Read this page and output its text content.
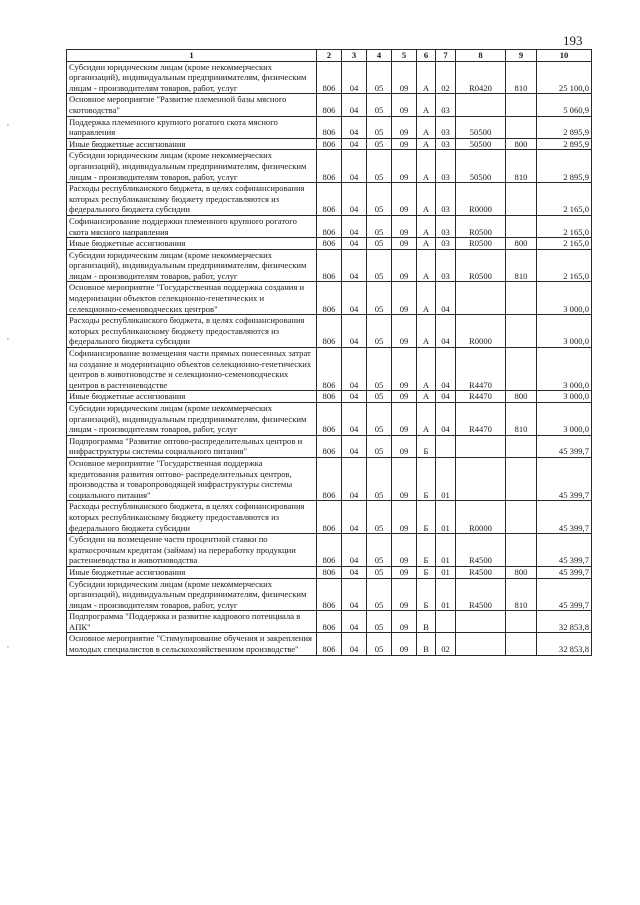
193
,
,
,
1	2	3	4	5	6	7	8	9	10
Субсидии юридическим лицам (кроме некоммерческих организаций), индивидуальным предпринимателям, физическим лицам - производителям товаров, работ, услуг	806	04	05	09	А	02	R0420	810	25 100,0
Основное мероприятие "Развитие племенной базы мясного скотоводства"	806	04	05	09	А	03			5 060,9
Поддержка племенного крупного рогатого скота мясного направления	806	04	05	09	А	03	50500		2 895,9
Иные бюджетные ассигнования	806	04	05	09	А	03	50500	800	2 895,9
Субсидии юридическим лицам (кроме некоммерческих организаций), индивидуальным предпринимателям, физическим лицам - производителям товаров, работ, услуг	806	04	05	09	А	03	50500	810	2 895,9
Расходы республиканского бюджета, в целях софинансирования которых республиканскому бюджету предоставляются из федерального бюджета субсидии	806	04	05	09	А	03	R0000		2 165,0
Софинансирование поддержки племенного крупного рогатого скота мясного направления	806	04	05	09	А	03	R0500		2 165,0
Иные бюджетные ассигнования	806	04	05	09	А	03	R0500	800	2 165,0
Субсидии юридическим лицам (кроме некоммерческих организаций), индивидуальным предпринимателям, физическим лицам - производителям товаров, работ, услуг	806	04	05	09	А	03	R0500	810	2 165,0
Основное мероприятие "Государственная поддержка создания и модернизации объектов селекционно-генетических и селекционно-семеноводческих центров"	806	04	05	09	А	04			3 000,0
Расходы республиканского бюджета, в целях софинансирования которых республиканскому бюджету предоставляются из федерального бюджета субсидии	806	04	05	09	А	04	R0000		3 000,0
Софинансирование возмещения части прямых понесенных затрат на создание и модернизацию объектов селекционно-генетических центров в животноводстве и селекционно-семеноводческих центров в растениеводстве	806	04	05	09	А	04	R4470		3 000,0
Иные бюджетные ассигнования	806	04	05	09	А	04	R4470	800	3 000,0
Субсидии юридическим лицам (кроме некоммерческих организаций), индивидуальным предпринимателям, физическим лицам - производителям товаров, работ, услуг	806	04	05	09	А	04	R4470	810	3 000,0
Подпрограмма "Развитие оптово-распределительных центров и инфраструктуры системы социального питания"	806	04	05	09	Б				45 399,7
Основное мероприятие "Государственная поддержка кредитования развития оптово- распределительных центров, производства и товаропроводящей инфраструктуры системы социального питания"	806	04	05	09	Б	01			45 399,7
Расходы республиканского бюджета, в целях софинансирования которых республиканскому бюджету предоставляются из федерального бюджета субсидии	806	04	05	09	Б	01	R0000		45 399,7
Субсидии на возмещение части процентной ставки по краткосрочным кредитам (займам) на переработку продукции растениеводства и животноводства	806	04	05	09	Б	01	R4500		45 399,7
Иные бюджетные ассигнования	806	04	05	09	Б	01	R4500	800	45 399,7
Субсидии юридическим лицам (кроме некоммерческих организаций), индивидуальным предпринимателям, физическим лицам - производителям товаров, работ, услуг	806	04	05	09	Б	01	R4500	810	45 399,7
Подпрограмма "Поддержка и развитие кадрового потенциала в АПК"	806	04	05	09	В				32 853,8
Основное мероприятие "Стимулирование обучения и закрепления молодых специалистов в сельскохозяйственном производстве"	806	04	05	09	В	02			32 853,8
